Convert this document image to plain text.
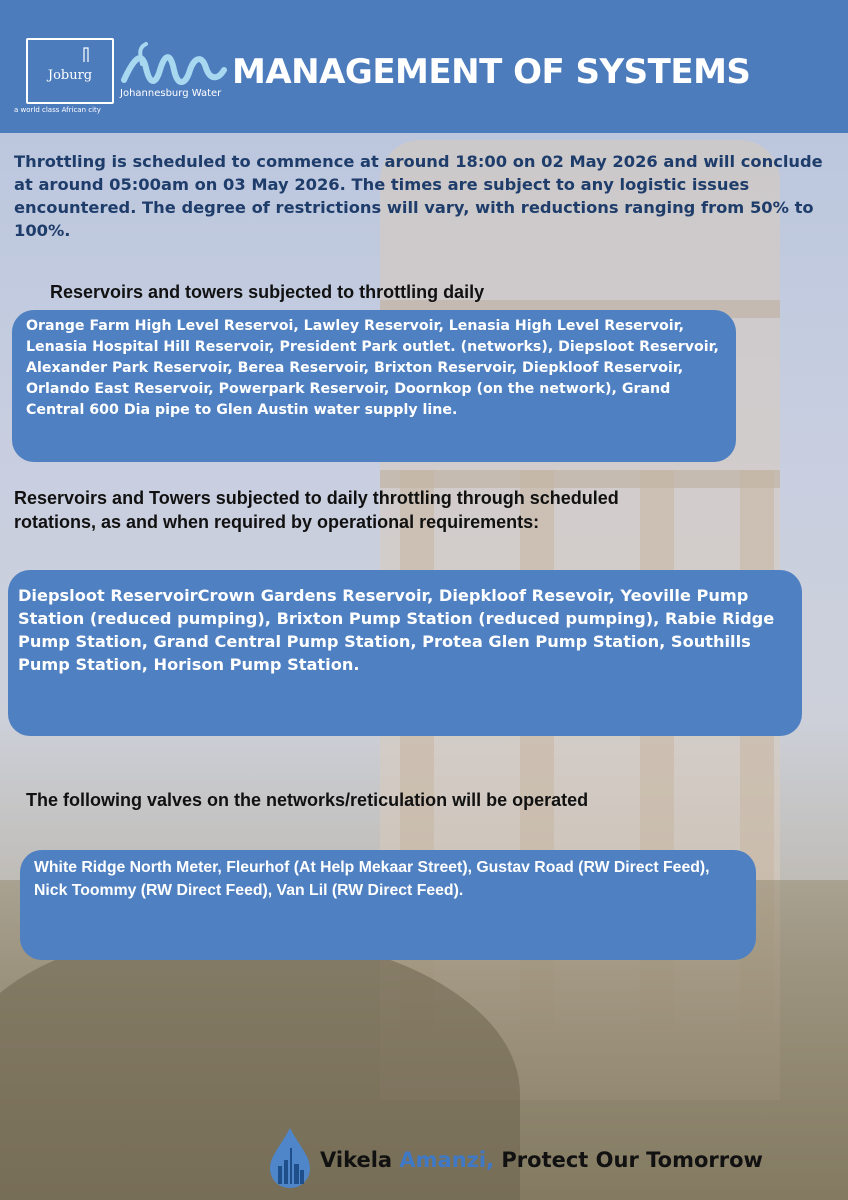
Joburg
a world class African city
Johannesburg Water
MANAGEMENT OF SYSTEMS
Throttling is scheduled to commence at around 18:00 on 02 May 2026 and will conclude at around 05:00am on 03 May 2026. The times are subject to any logistic issues encountered. The degree of restrictions will vary, with reductions ranging from 50% to 100%.
Reservoirs and towers subjected to throttling daily
Orange Farm High Level Reservoi, Lawley Reservoir, Lenasia High Level Reservoir, Lenasia Hospital Hill Reservoir, President Park outlet. (networks), Diepsloot Reservoir, Alexander Park Reservoir, Berea Reservoir, Brixton Reservoir, Diepkloof Reservoir, Orlando East Reservoir, Powerpark Reservoir, Doornkop (on the network), Grand Central 600 Dia pipe to Glen Austin water supply line.
Reservoirs and Towers subjected to daily throttling through scheduled rotations, as and when required by operational requirements:
Diepsloot ReservoirCrown Gardens Reservoir, Diepkloof Resevoir, Yeoville Pump Station (reduced pumping), Brixton Pump Station (reduced pumping), Rabie Ridge Pump Station, Grand Central Pump Station, Protea Glen Pump Station, Southills Pump Station, Horison Pump Station.
The following valves on the networks/reticulation will be operated
White Ridge North Meter, Fleurhof (At Help Mekaar Street), Gustav Road (RW Direct Feed), Nick Toommy (RW Direct Feed), Van Lil (RW Direct Feed).
Vikela Amanzi, Protect Our Tomorrow
